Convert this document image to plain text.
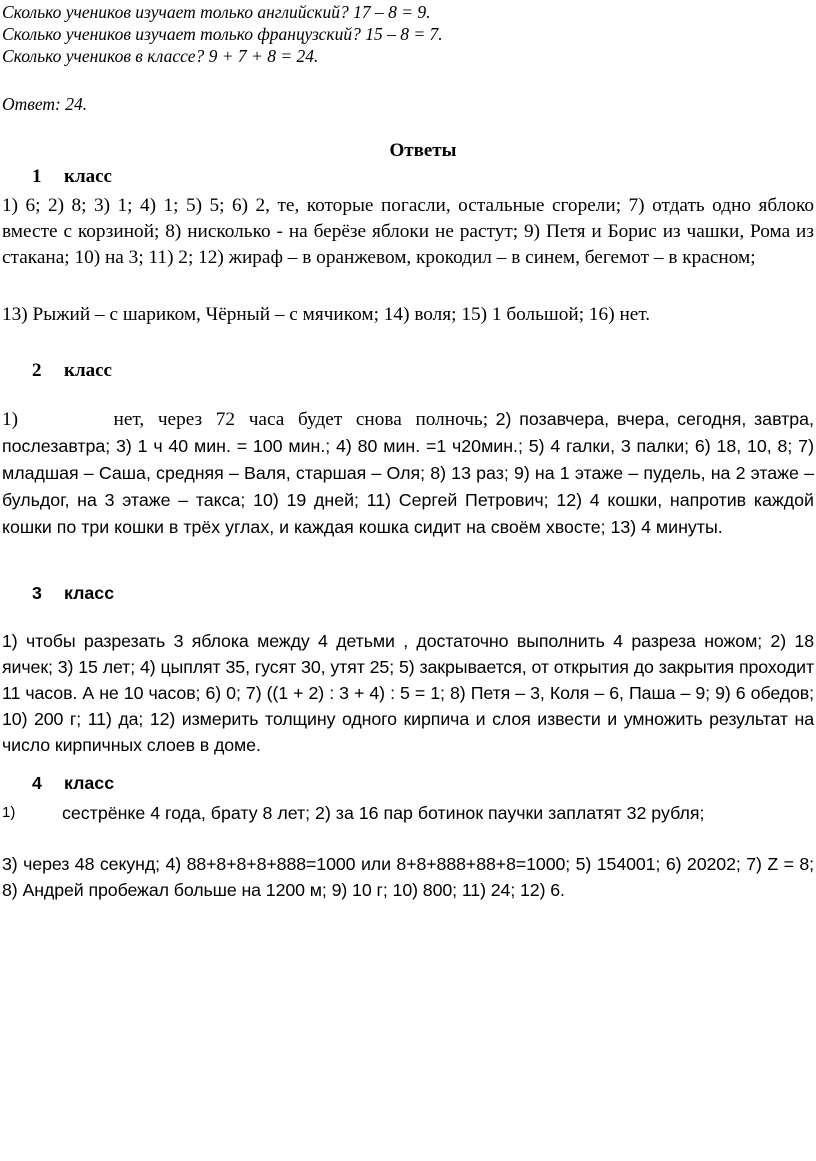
Сколько учеников изучает только английский? 17 – 8 = 9.
Сколько учеников изучает только французский? 15 – 8 = 7.
Сколько учеников в классе? 9 + 7 + 8 = 24.
Ответ: 24.
Ответы
1 класс
1) 6; 2) 8; 3) 1; 4) 1; 5) 5; 6) 2, те, которые погасли, остальные сгорели; 7) отдать одно яблоко вместе с корзиной; 8) нисколько - на берёзе яблоки не растут; 9) Петя и Борис из чашки, Рома из стакана; 10) на 3; 11) 2; 12) жираф – в оранжевом, крокодил – в синем, бегемот – в красном;
13) Рыжий – с шариком, Чёрный – с мячиком; 14) воля; 15) 1 большой; 16) нет.
2 класс
1)       нет, через 72 часа будет снова полночь; 2) позавчера, вчера, сегодня, завтра, послезавтра; 3) 1 ч 40 мин. = 100 мин.; 4) 80 мин. =1 ч20мин.; 5) 4 галки, 3 палки; 6) 18, 10, 8; 7) младшая – Саша, средняя – Валя, старшая – Оля; 8) 13 раз; 9) на 1 этаже – пудель, на 2 этаже – бульдог, на 3 этаже – такса; 10) 19 дней; 11) Сергей Петрович; 12) 4 кошки, напротив каждой кошки по три кошки в трёх углах, и каждая кошка сидит на своём хвосте; 13) 4 минуты.
3 класс
1) чтобы разрезать 3 яблока между 4 детьми , достаточно выполнить 4 разреза ножом; 2) 18 яичек; 3) 15 лет; 4) цыплят 35, гусят 30, утят 25; 5) закрывается, от открытия до закрытия проходит 11 часов. А не 10 часов; 6) 0; 7) ((1 + 2) : 3 + 4) : 5 = 1; 8) Петя – 3, Коля – 6, Паша – 9; 9) 6 обедов; 10) 200 г; 11) да; 12) измерить толщину одного кирпича и слоя извести и умножить результат на число кирпичных слоев в доме.
4 класс
1)	сестрёнке 4 года, брату 8 лет; 2) за 16 пар ботинок паучки заплатят 32 рубля;
3) через 48 секунд; 4) 88+8+8+8+888=1000 или 8+8+888+88+8=1000; 5) 154001; 6) 20202; 7) Z = 8; 8) Андрей пробежал больше на 1200 м; 9) 10 г; 10) 800; 11) 24; 12) 6.
